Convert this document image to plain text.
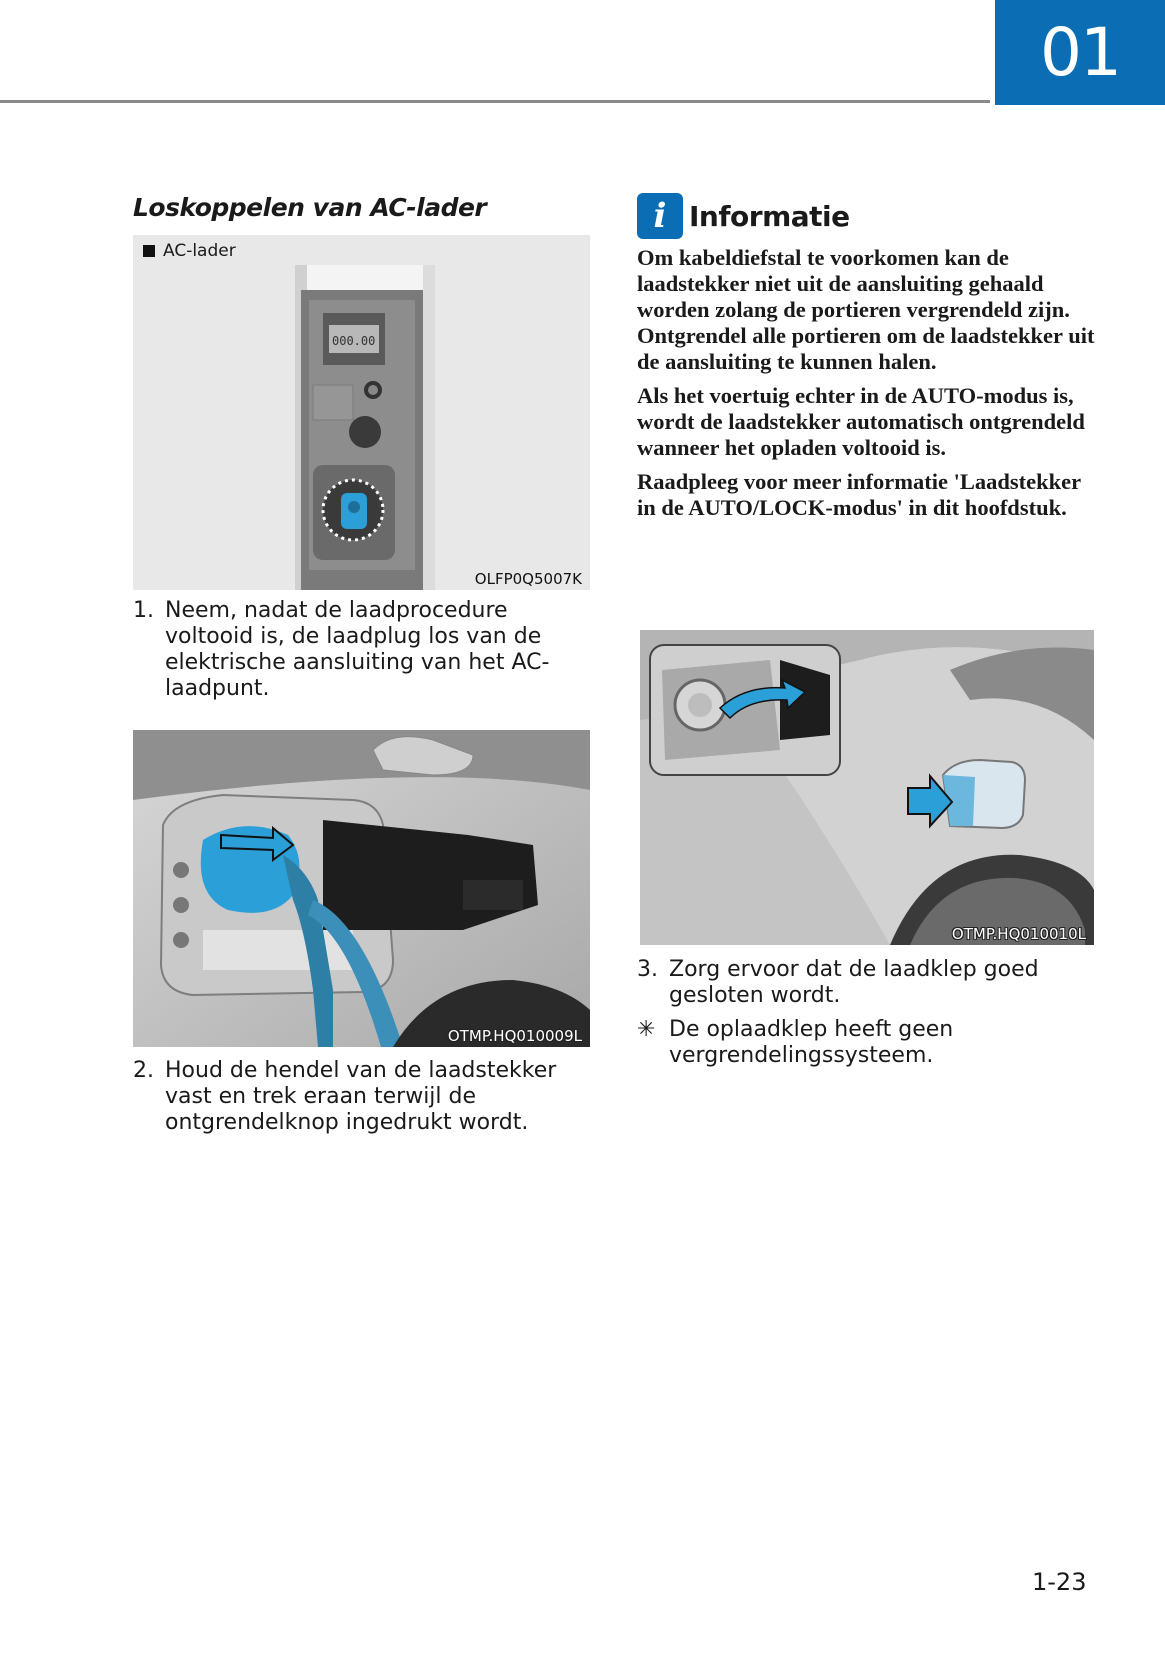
01
Loskoppelen van AC-lader
000.00
AC-lader
OLFP0Q5007K
1. Neem, nadat de laadprocedure voltooid is, de laadplug los van de elektrische aansluiting van het AC-laadpunt.
OTMP.HQ010009L
2. Houd de hendel van de laadstekker vast en trek eraan terwijl de ontgrendelknop ingedrukt wordt.
i Informatie

Om kabeldiefstal te voorkomen kan de laadstekker niet uit de aansluiting gehaald worden zolang de portieren vergrendeld zijn. Ontgrendel alle portieren om de laadstekker uit de aansluiting te kunnen halen.

Als het voertuig echter in de AUTO-modus is, wordt de laadstekker automatisch ontgrendeld wanneer het opladen voltooid is.

Raadpleeg voor meer informatie 'Laadstekker in de AUTO/LOCK-modus' in dit hoofdstuk.

OTMP.HQ010010L
3. Zorg ervoor dat de laadklep goed gesloten wordt.
✳ De oplaadklep heeft geen vergrendelingssysteem.
1-23
